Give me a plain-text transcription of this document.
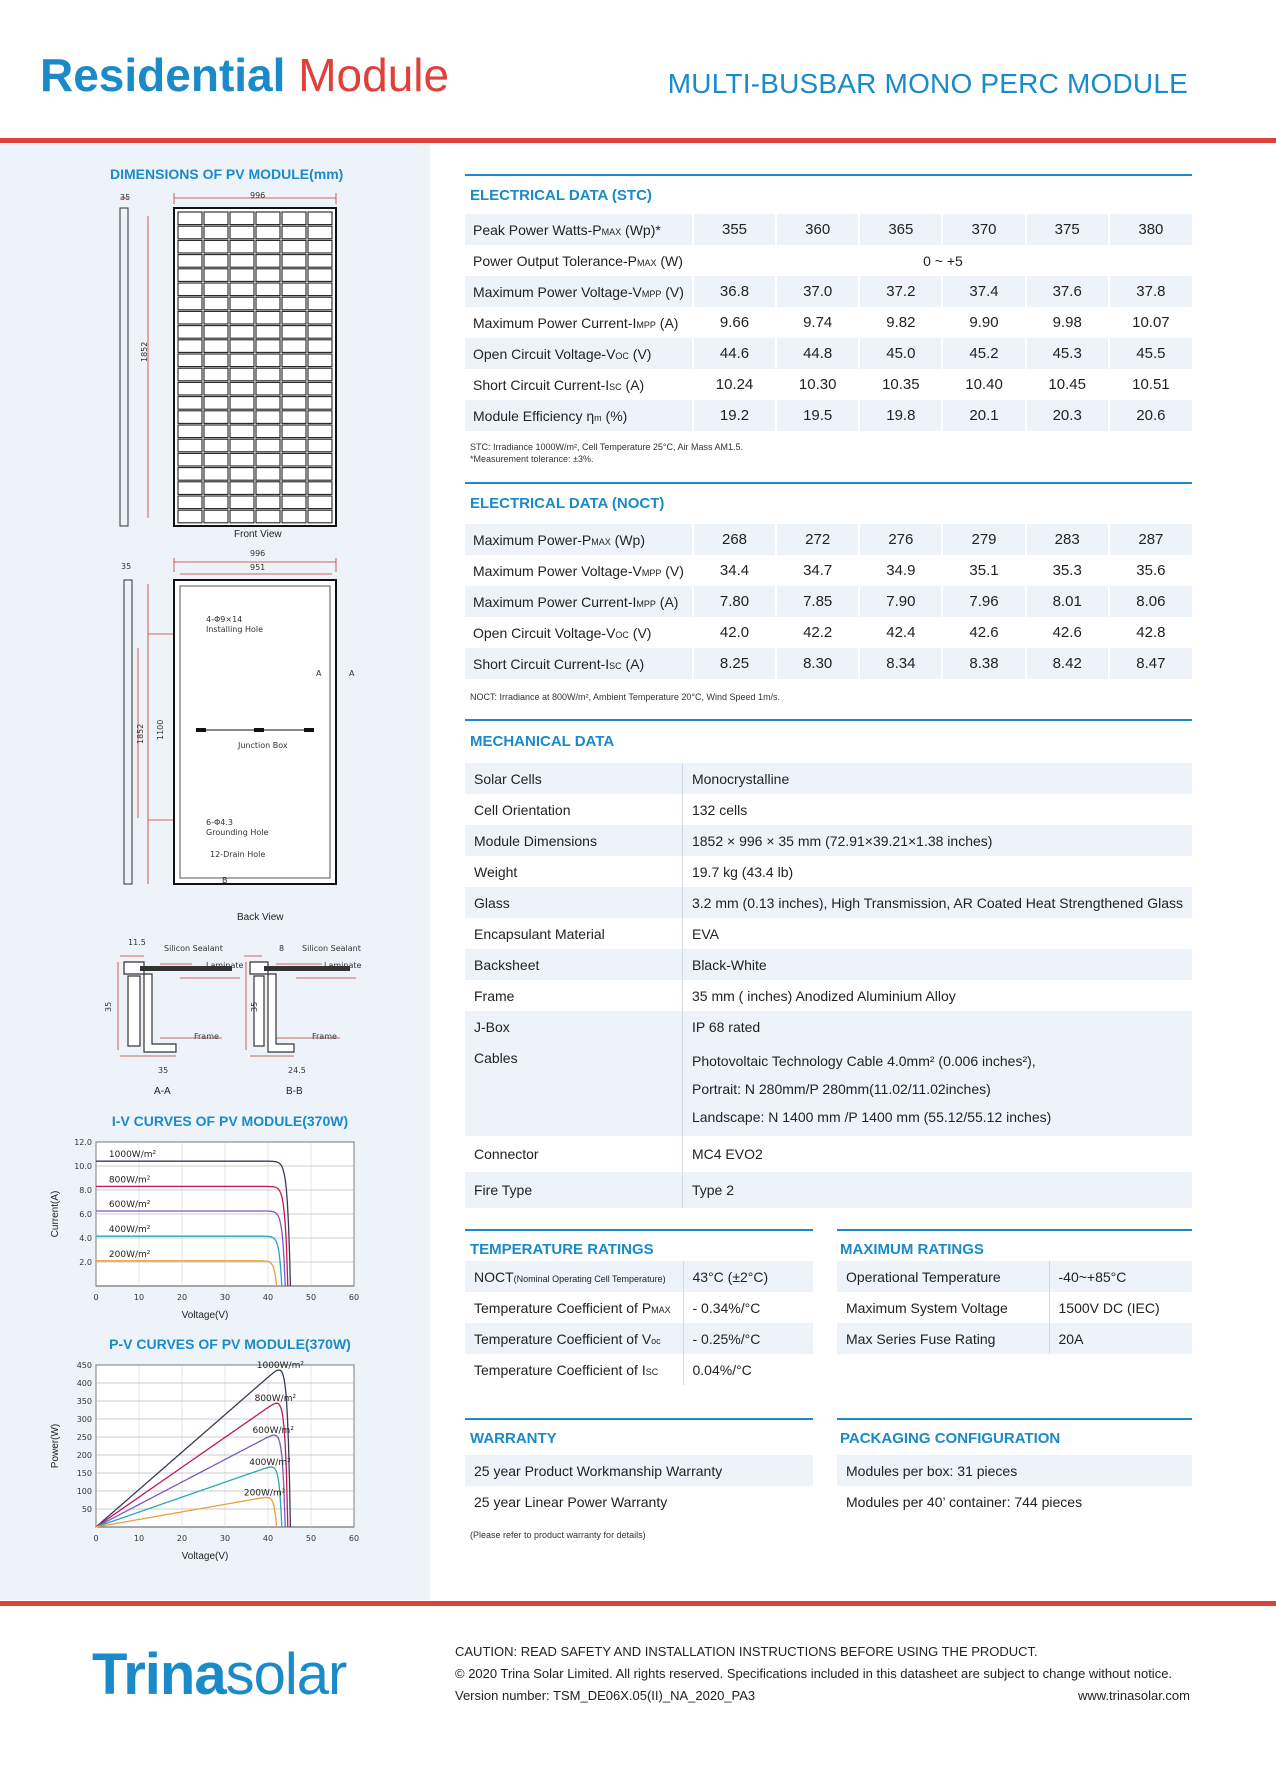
Residential Module	MULTI-BUSBAR MONO PERC MODULE
DIMENSIONS OF PV MODULE(mm)
35	996
1852
Front View
996
951
35
1852 1100
4-Φ9×14
Installing Hole
A	A
Junction Box
6-Φ4.3
Grounding Hole
12-Drain Hole
B
Back View
11.5
Silicon Sealant
Laminate
Frame
35
35
A-A
8 Silicon Sealant
Laminate
Frame
35
24.5
B-B
I-V CURVES OF PV MODULE(370W)
12.0
10.0
8.0
6.0
4.0
2.0
0	10	20	30	40	50	60
Voltage(V)
Current(A)
1000W/m²
800W/m²
600W/m²
400W/m²
200W/m²
P-V CURVES OF PV MODULE(370W)
450
400
350
300
250
200
150
100
50
0	10	20	30	40	50	60
Voltage(V)
Power(W)
1000W/m²
800W/m²
600W/m²
400W/m²
200W/m²
ELECTRICAL DATA (STC)
Peak Power Watts-PMAX (Wp)*	355	360	365	370	375	380
Power Output Tolerance-PMAX (W)	0 ~ +5					
Maximum Power Voltage-VMPP (V)	36.8	37.0	37.2	37.4	37.6	37.8
Maximum Power Current-IMPP (A)	9.66	9.74	9.82	9.90	9.98	10.07
Open Circuit Voltage-VOC (V)	44.6	44.8	45.0	45.2	45.3	45.5
Short Circuit Current-ISC (A)	10.24	10.30	10.35	10.40	10.45	10.51
Module Efficiency ηm (%)	19.2	19.5	19.8	20.1	20.3	20.6
STC: Irradiance 1000W/m², Cell Temperature 25°C, Air Mass AM1.5.
*Measurement tolerance: ±3%.
ELECTRICAL DATA (NOCT)
Maximum Power-PMAX (Wp)	268	272	276	279	283	287
Maximum Power Voltage-VMPP (V)	34.4	34.7	34.9	35.1	35.3	35.6
Maximum Power Current-IMPP (A)	7.80	7.85	7.90	7.96	8.01	8.06
Open Circuit Voltage-VOC (V)	42.0	42.2	42.4	42.6	42.6	42.8
Short Circuit Current-ISC (A)	8.25	8.30	8.34	8.38	8.42	8.47
NOCT: Irradiance at 800W/m², Ambient Temperature 20°C, Wind Speed 1m/s.
MECHANICAL DATA
Solar Cells	Monocrystalline
Cell Orientation	132 cells
Module Dimensions	1852 × 996 × 35 mm (72.91×39.21×1.38 inches)
Weight	19.7 kg (43.4 lb)
Glass	3.2 mm (0.13 inches), High Transmission, AR Coated Heat Strengthened Glass
Encapsulant Material	EVA
Backsheet	Black-White
Frame	35 mm ( inches) Anodized Aluminium Alloy
J-Box	IP 68 rated
Cables	Photovoltaic Technology Cable 4.0mm² (0.006 inches²),
Portrait: N 280mm/P 280mm(11.02/11.02inches)
Landscape: N 1400 mm /P 1400 mm (55.12/55.12 inches)

Connector	MC4 EVO2
Fire Type	Type 2
TEMPERATURE RATINGS
NOCT(Nominal Operating Cell Temperature)	43°C (±2°C)
Temperature Coefficient of PMAX	- 0.34%/°C
Temperature Coefficient of Voc	- 0.25%/°C
Temperature Coefficient of ISC	0.04%/°C
MAXIMUM RATINGS
Operational Temperature	-40~+85°C
Maximum System Voltage	1500V DC (IEC)
Max Series Fuse Rating	20A
WARRANTY
25 year Product Workmanship Warranty
25 year Linear Power Warranty
(Please refer to product warranty for details)
PACKAGING CONFIGURATION
Modules per box: 31 pieces
Modules per 40’ container: 744 pieces
Trinasolar	CAUTION: READ SAFETY AND INSTALLATION INSTRUCTIONS BEFORE USING THE PRODUCT.
© 2020 Trina Solar Limited. All rights reserved. Specifications included in this datasheet are subject to change without notice.
Version number: TSM_DE06X.05(II)_NA_2020_PA3	www.trinasolar.com
